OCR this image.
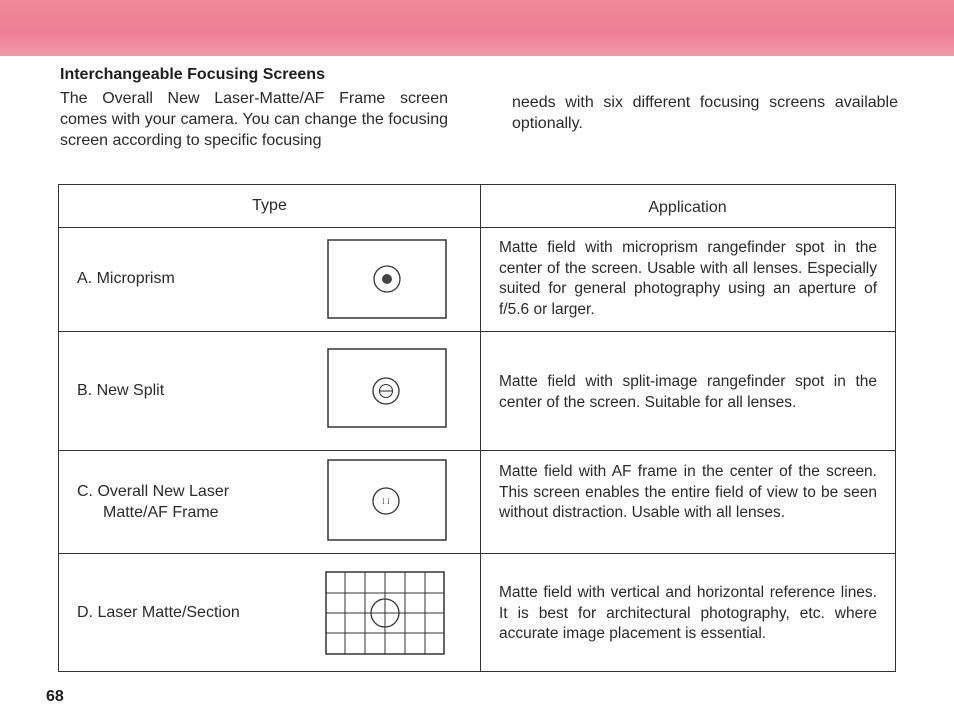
Interchangeable Focusing Screens
The Overall New Laser-Matte/AF Frame screen comes with your camera. You can change the focusing screen according to specific focusing
needs with six different focusing screens available optionally.
Type	Application
A. Microprism
Matte field with microprism rangefinder spot in the center of the screen. Usable with all lenses. Especially suited for general photography using an aperture of f/5.6 or larger.
B. New Split
Matte field with split-image rangefinder spot in the center of the screen. Suitable for all lenses.
C. Overall New Laser
Matte/AF Frame
[ ]
Matte field with AF frame in the center of the screen. This screen enables the entire field of view to be seen without distraction. Usable with all lenses.
D. Laser Matte/Section
Matte field with vertical and horizontal reference lines. It is best for architectural photography, etc. where accurate image placement is essential.
68
